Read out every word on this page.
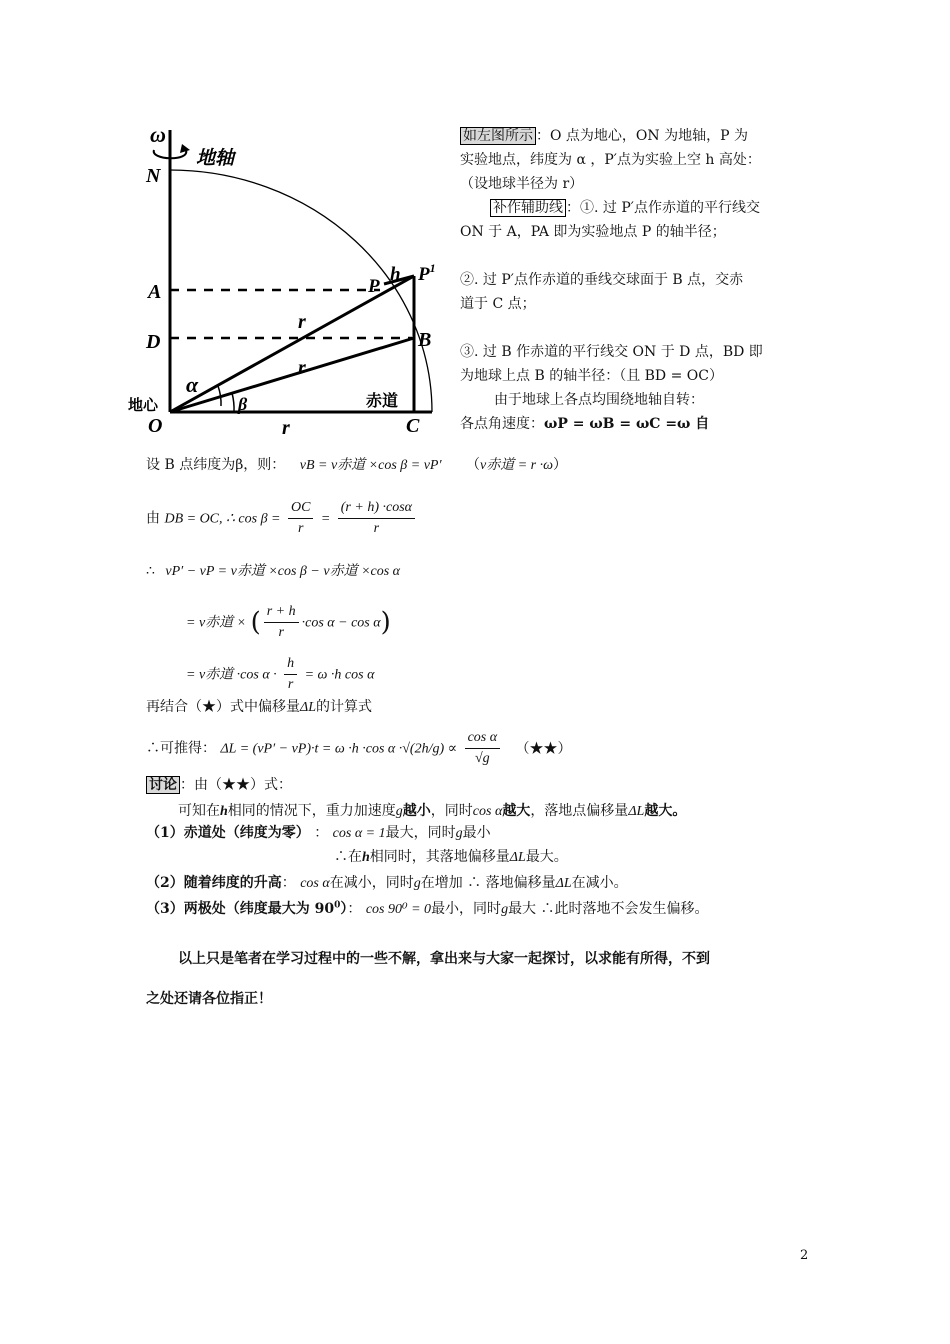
ω
地轴
N
A
D
O	C
P
h $P^1$
B
r
r
r
α
β
地心	赤道
如左图所示 ：O 点为地心，ON 为地轴，P 为
实验地点，纬度为 α ，P′点为实验上空 h 高处：
（设地球半径为 r）
补作辅助线 ：①. 过 P′点作赤道的平行线交
ON 于 A，PA 即为实验地点 P 的轴半径；
②. 过 P′点作赤道的垂线交球面于 B 点，交赤
道于 C 点；
③. 过 B 作赤道的平行线交 ON 于 D 点，BD 即
为地球上点 B 的轴半径：（且 BD = OC）
由于地球上各点均围绕地轴自转：
各点角速度：ωP = ωB = ωC =ω 自
设 B 点纬度为β，则： vB = v赤道 ×cos β = vP′ （v赤道 = r ·ω）
由 DB = OC, ∴ $\cos \beta = \frac{OC}{r} = \frac{(r + h) \cdot\cos\alpha}{r}$
∴ vP′ − vP = v赤道 ×cos β − v赤道 ×cos α
= v赤道 × ( $\frac{r + h}{r} \cdot\cos$ α − cos α)
= v赤道 ·cos $\alpha \cdot \frac{h}{r} = \omega \cdot h$ cos α
再结合（★）式中偏移量ΔL的计算式
∴可推得： ΔL = (vP′ − vP)·t = ω ·h ·cos $\alpha \cdot√(2h/g) \propto \frac{\text{cos α}}{√g}$ （★★）
讨论 ：由（★★）式：
可知在h相同的情况下，重力加速度g越小，同时cos α越大，落地点偏移量ΔL越大。
（1）赤道处（纬度为零） ： cos α = 1最大，同时g最小
∴在h相同时，其落地偏移量ΔL最大。
（2）随着纬度的升高： cos α在减小，同时g在增加 ∴ 落地偏移量ΔL在减小。
（3）两极处（纬度最大为 $90^0$）： cos 90⁰ = 0最小，同时g最大 ∴此时落地不会发生偏移。
以上只是笔者在学习过程中的一些不解，拿出来与大家一起探讨，以求能有所得，不到
之处还请各位指正！
2
